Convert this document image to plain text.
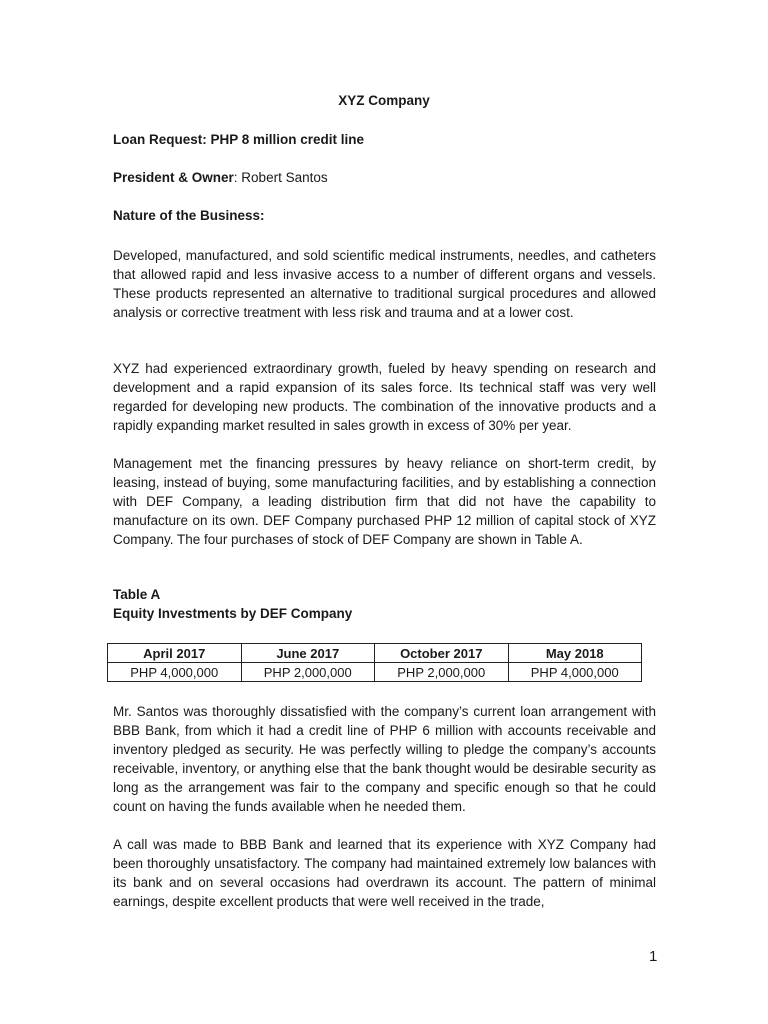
XYZ Company
Loan Request: PHP 8 million credit line
President & Owner: Robert Santos
Nature of the Business:

Developed, manufactured, and sold scientific medical instruments, needles, and catheters that allowed rapid and less invasive access to a number of different organs and vessels. These products represented an alternative to traditional surgical procedures and allowed analysis or corrective treatment with less risk and trauma and at a lower cost.

XYZ had experienced extraordinary growth, fueled by heavy spending on research and development and a rapid expansion of its sales force. Its technical staff was very well regarded for developing new products. The combination of the innovative products and a rapidly expanding market resulted in sales growth in excess of 30% per year.

Management met the financing pressures by heavy reliance on short-term credit, by leasing, instead of buying, some manufacturing facilities, and by establishing a connection with DEF Company, a leading distribution firm that did not have the capability to manufacture on its own. DEF Company purchased PHP 12 million of capital stock of XYZ Company. The four purchases of stock of DEF Company are shown in Table A.

Table A
Equity Investments by DEF Company
April 2017	June 2017	October 2017	May 2018
PHP 4,000,000	PHP 2,000,000	PHP 2,000,000	PHP 4,000,000

Mr. Santos was thoroughly dissatisfied with the company’s current loan arrangement with BBB Bank, from which it had a credit line of PHP 6 million with accounts receivable and inventory pledged as security. He was perfectly willing to pledge the company’s accounts receivable, inventory, or anything else that the bank thought would be desirable security as long as the arrangement was fair to the company and specific enough so that he could count on having the funds available when he needed them.

A call was made to BBB Bank and learned that its experience with XYZ Company had been thoroughly unsatisfactory. The company had maintained extremely low balances with its bank and on several occasions had overdrawn its account. The pattern of minimal earnings, despite excellent products that were well received in the trade,

1
